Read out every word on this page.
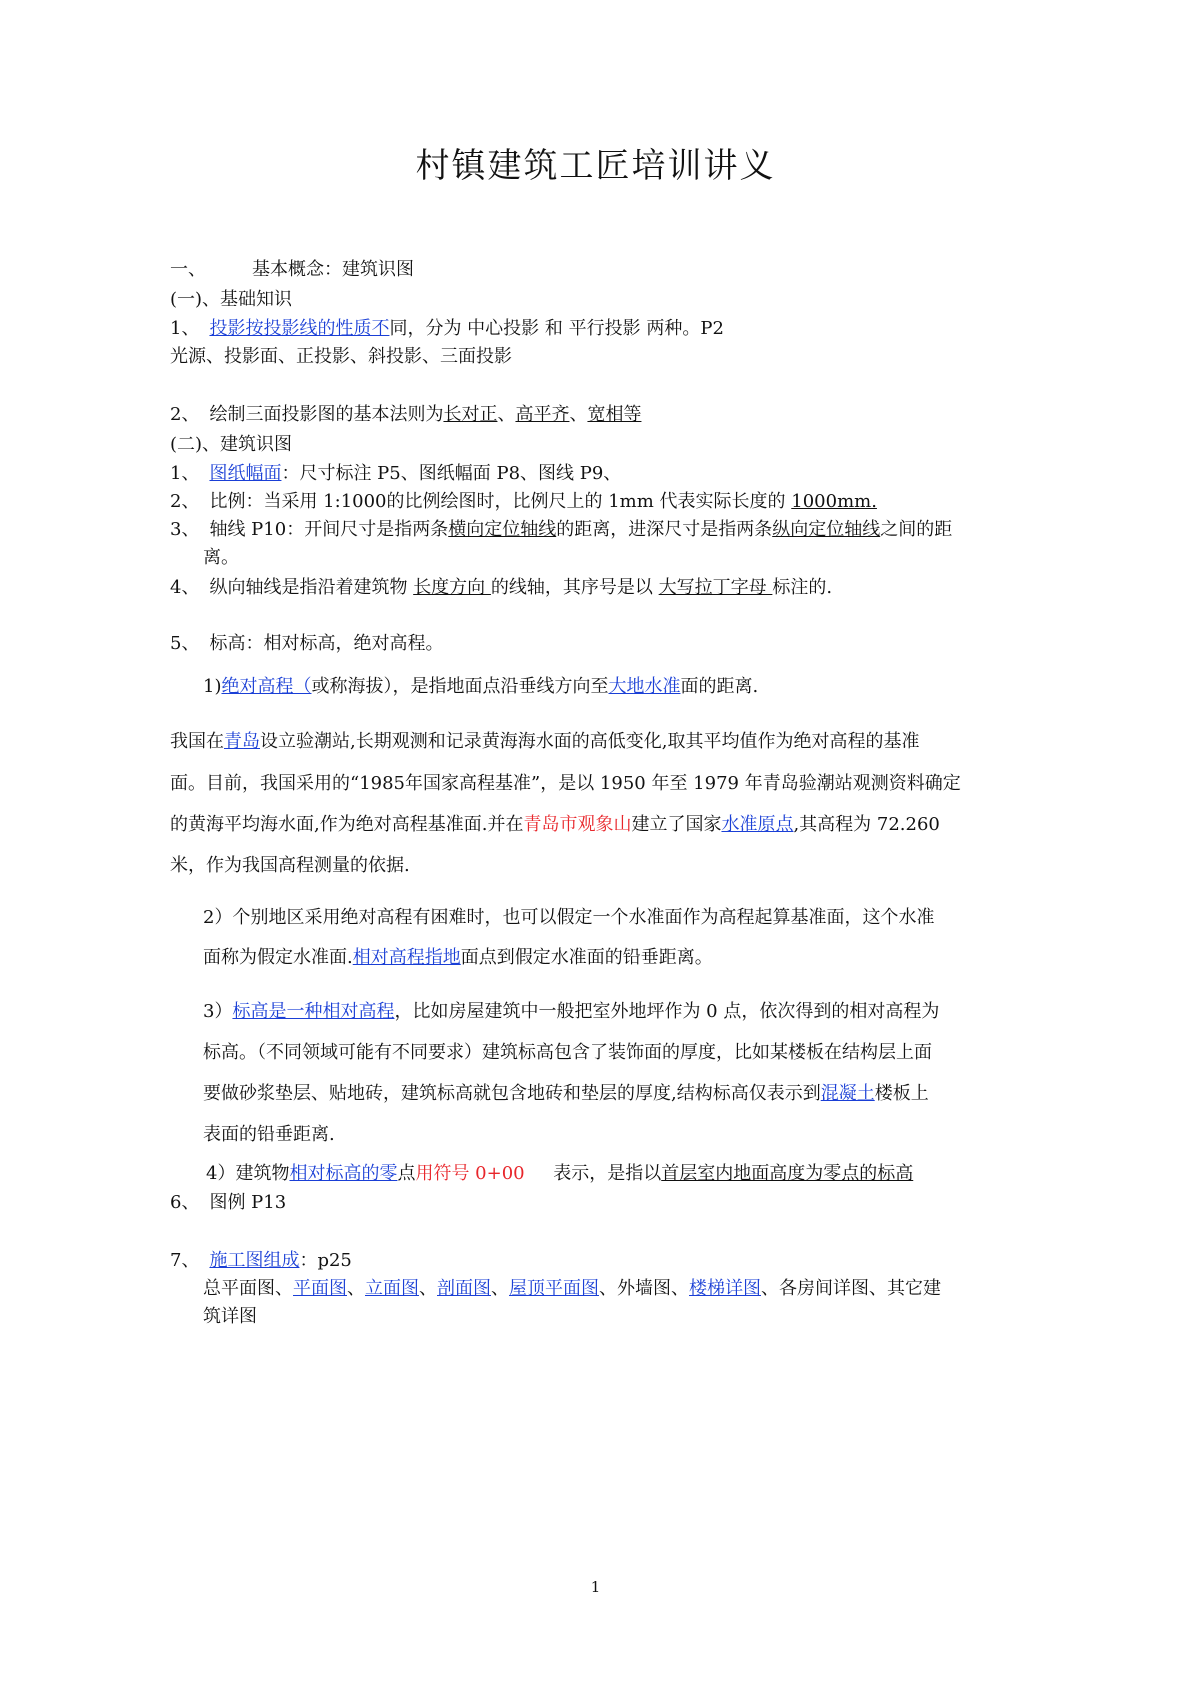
村镇建筑工匠培训讲义
一、	基本概念：建筑识图
(一)、基础知识
1、 投影按投影线的性质不同，分为 中心投影 和 平行投影 两种。P2
光源、投影面、正投影、斜投影、三面投影
2、 绘制三面投影图的基本法则为长对正、高平齐、宽相等
(二)、建筑识图
1、 图纸幅面：尺寸标注 P5、图纸幅面 P8、图线 P9、
2、 比例：当采用 1:1000的比例绘图时，比例尺上的 1mm 代表实际长度的 1000mm.
3、 轴线 P10：开间尺寸是指两条横向定位轴线的距离，进深尺寸是指两条纵向定位轴线之间的距
离。
4、 纵向轴线是指沿着建筑物 长度方向 的线轴，其序号是以 大写拉丁字母 标注的.
5、 标高：相对标高，绝对高程。
1)绝对高程（或称海拔），是指地面点沿垂线方向至大地水准面的距离.
我国在青岛设立验潮站,长期观测和记录黄海海水面的高低变化,取其平均值作为绝对高程的基准
面。目前，我国采用的“1985年国家高程基准”，是以 1950 年至 1979 年青岛验潮站观测资料确定
的黄海平均海水面,作为绝对高程基准面.并在青岛市观象山建立了国家水准原点,其高程为 72.260
米，作为我国高程测量的依据.
2）个别地区采用绝对高程有困难时，也可以假定一个水准面作为高程起算基准面，这个水准
面称为假定水准面.相对高程指地面点到假定水准面的铅垂距离。
3）标高是一种相对高程，比如房屋建筑中一般把室外地坪作为 0 点，依次得到的相对高程为
标高。（不同领域可能有不同要求）建筑标高包含了装饰面的厚度，比如某楼板在结构层上面
要做砂浆垫层、贴地砖，建筑标高就包含地砖和垫层的厚度,结构标高仅表示到混凝土楼板上
表面的铅垂距离.
4）建筑物相对标高的零点用符号 0+00     表示，是指以首层室内地面高度为零点的标高
6、 图例 P13
7、 施工图组成：p25
总平面图、平面图、立面图、剖面图、屋顶平面图、外墙图、楼梯详图、各房间详图、其它建
筑详图
1
